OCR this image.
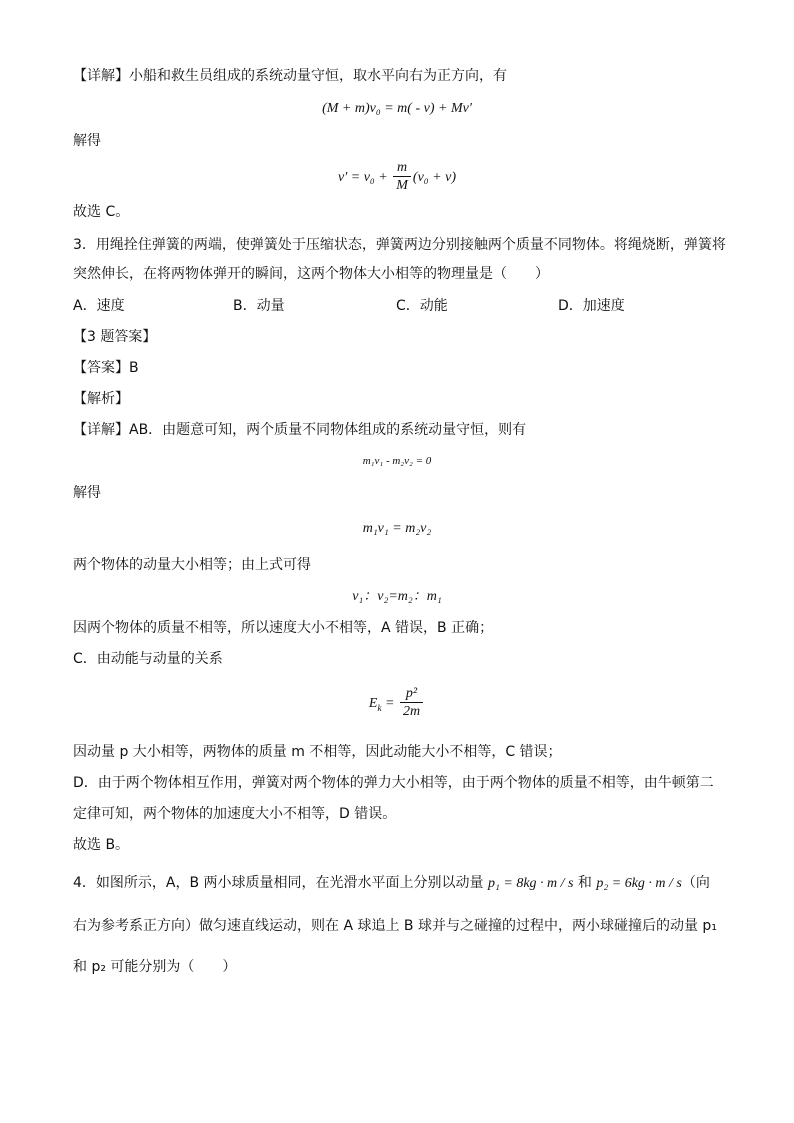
【详解】小船和救生员组成的系统动量守恒，取水平向右为正方向，有
(M + m)v₀ = m( - v) + Mv′
解得
$v' = v_0 + \frac{m}{M} (v_0 + v)$
故选 C。
3．用绳拴住弹簧的两端，使弹簧处于压缩状态，弹簧两边分别接触两个质量不同物体。将绳烧断，弹簧将
突然伸长，在将两物体弹开的瞬间，这两个物体大小相等的物理量是（　　）
A．速度	B．动量	C．动能	D．加速度
【3 题答案】
【答案】B
【解析】
【详解】AB．由题意可知，两个质量不同物体组成的系统动量守恒，则有
m₁v₁ - m₂v₂ = 0
解得
m₁v₁ = m₂v₂
两个物体的动量大小相等；由上式可得
v₁：v₂=m₂：m₁
因两个物体的质量不相等，所以速度大小不相等，A 错误，B 正确；
C．由动能与动量的关系
$E_k = \frac{\text{p²}}{2m}$
因动量 p 大小相等，两物体的质量 m 不相等，因此动能大小不相等，C 错误；
D．由于两个物体相互作用，弹簧对两个物体的弹力大小相等，由于两个物体的质量不相等，由牛顿第二
定律可知，两个物体的加速度大小不相等，D 错误。
故选 B。
4．如图所示，A，B 两小球质量相同，在光滑水平面上分别以动量 p₁ = 8kg · m / s 和 p₂ = 6kg · m / s（向
右为参考系正方向）做匀速直线运动，则在 A 球追上 B 球并与之碰撞的过程中，两小球碰撞后的动量 p₁
和 p₂ 可能分别为（　　）
